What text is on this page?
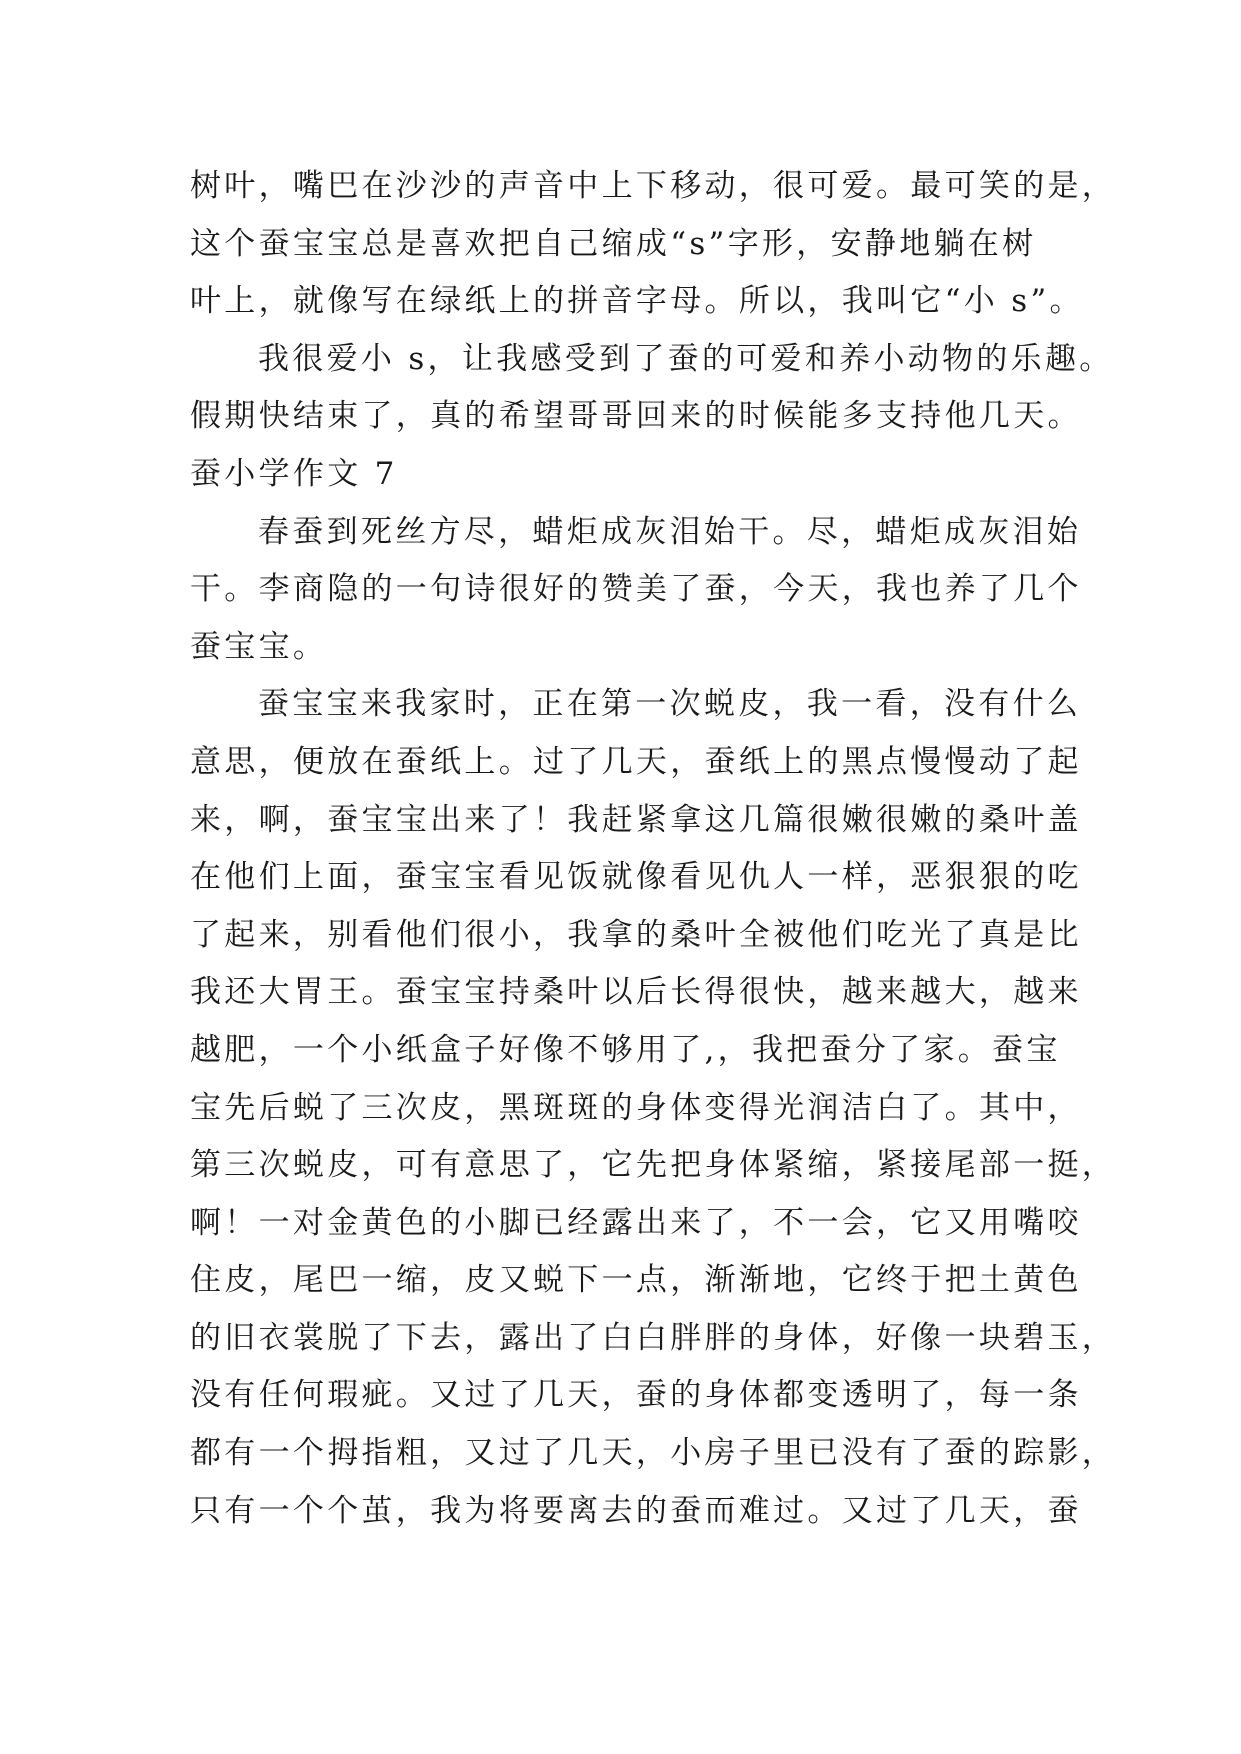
树叶，嘴巴在沙沙的声音中上下移动，很可爱。最可笑的是，
这个蚕宝宝总是喜欢把自己缩成“s”字形，安静地躺在树
叶上，就像写在绿纸上的拼音字母。所以，我叫它“小 s”。
我很爱小 s，让我感受到了蚕的可爱和养小动物的乐趣。
假期快结束了，真的希望哥哥回来的时候能多支持他几天。
蚕小学作文 7
春蚕到死丝方尽，蜡炬成灰泪始干。尽，蜡炬成灰泪始
干。李商隐的一句诗很好的赞美了蚕，今天，我也养了几个
蚕宝宝。
蚕宝宝来我家时，正在第一次蜕皮，我一看，没有什么
意思，便放在蚕纸上。过了几天，蚕纸上的黑点慢慢动了起
来，啊，蚕宝宝出来了！我赶紧拿这几篇很嫩很嫩的桑叶盖
在他们上面，蚕宝宝看见饭就像看见仇人一样，恶狠狠的吃
了起来，别看他们很小，我拿的桑叶全被他们吃光了真是比
我还大胃王。蚕宝宝持桑叶以后长得很快，越来越大，越来
越肥，一个小纸盒子好像不够用了,，我把蚕分了家。蚕宝
宝先后蜕了三次皮，黑斑斑的身体变得光润洁白了。其中，
第三次蜕皮，可有意思了，它先把身体紧缩，紧接尾部一挺，
啊！一对金黄色的小脚已经露出来了，不一会，它又用嘴咬
住皮，尾巴一缩，皮又蜕下一点，渐渐地，它终于把土黄色
的旧衣裳脱了下去，露出了白白胖胖的身体，好像一块碧玉，
没有任何瑕疵。又过了几天，蚕的身体都变透明了，每一条
都有一个拇指粗，又过了几天，小房子里已没有了蚕的踪影，
只有一个个茧，我为将要离去的蚕而难过。又过了几天，蚕
